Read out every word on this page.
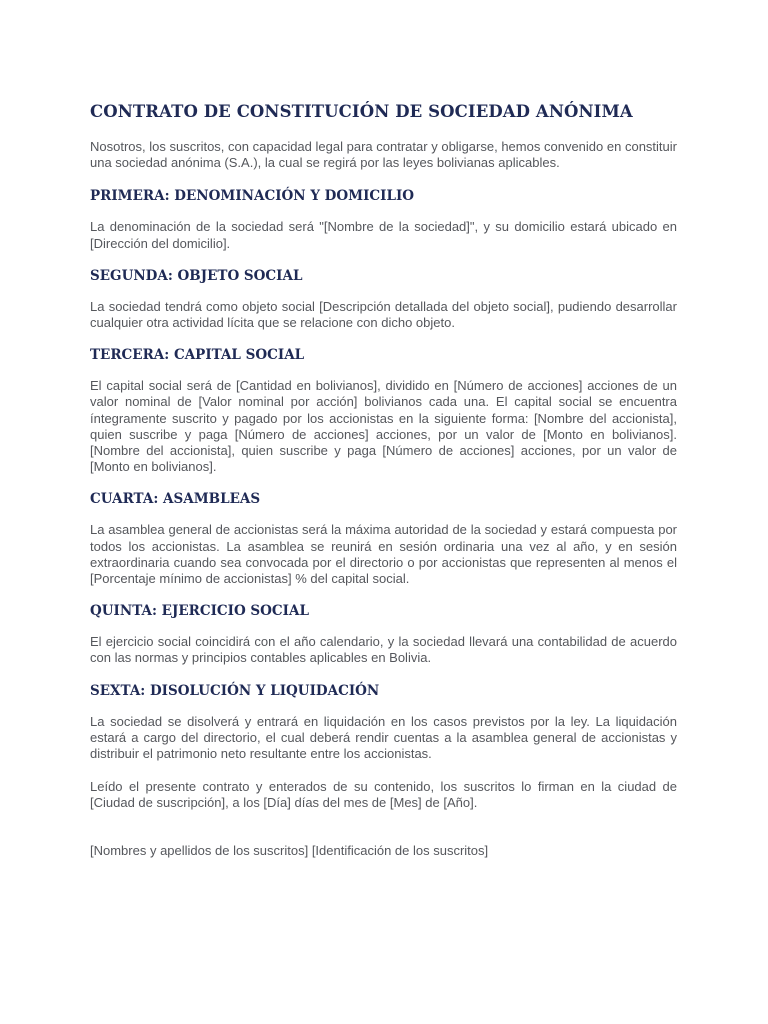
CONTRATO DE CONSTITUCIÓN DE SOCIEDAD ANÓNIMA

Nosotros, los suscritos, con capacidad legal para contratar y obligarse, hemos convenido en constituir una sociedad anónima (S.A.), la cual se regirá por las leyes bolivianas aplicables.

PRIMERA: DENOMINACIÓN Y DOMICILIO

La denominación de la sociedad será "[Nombre de la sociedad]", y su domicilio estará ubicado en [Dirección del domicilio].

SEGUNDA: OBJETO SOCIAL

La sociedad tendrá como objeto social [Descripción detallada del objeto social], pudiendo desarrollar cualquier otra actividad lícita que se relacione con dicho objeto.

TERCERA: CAPITAL SOCIAL

El capital social será de [Cantidad en bolivianos], dividido en [Número de acciones] acciones de un valor nominal de [Valor nominal por acción] bolivianos cada una. El capital social se encuentra íntegramente suscrito y pagado por los accionistas en la siguiente forma: [Nombre del accionista], quien suscribe y paga [Número de acciones] acciones, por un valor de [Monto en bolivianos]. [Nombre del accionista], quien suscribe y paga [Número de acciones] acciones, por un valor de [Monto en bolivianos].

CUARTA: ASAMBLEAS

La asamblea general de accionistas será la máxima autoridad de la sociedad y estará compuesta por todos los accionistas. La asamblea se reunirá en sesión ordinaria una vez al año, y en sesión extraordinaria cuando sea convocada por el directorio o por accionistas que representen al menos el [Porcentaje mínimo de accionistas] % del capital social.

QUINTA: EJERCICIO SOCIAL

El ejercicio social coincidirá con el año calendario, y la sociedad llevará una contabilidad de acuerdo con las normas y principios contables aplicables en Bolivia.

SEXTA: DISOLUCIÓN Y LIQUIDACIÓN

La sociedad se disolverá y entrará en liquidación en los casos previstos por la ley. La liquidación estará a cargo del directorio, el cual deberá rendir cuentas a la asamblea general de accionistas y distribuir el patrimonio neto resultante entre los accionistas.

Leído el presente contrato y enterados de su contenido, los suscritos lo firman en la ciudad de [Ciudad de suscripción], a los [Día] días del mes de [Mes] de [Año].

[Nombres y apellidos de los suscritos] [Identificación de los suscritos]
